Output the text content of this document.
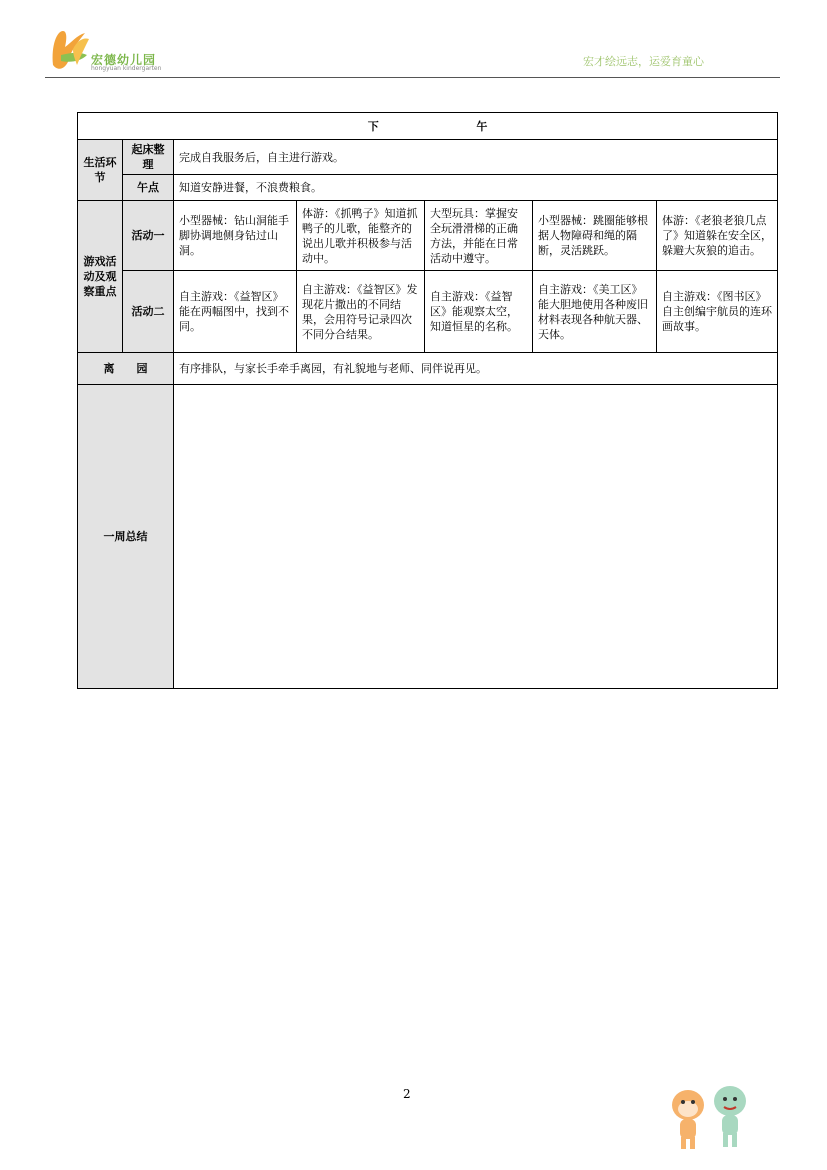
宏德幼儿园
hongyuan kindergarten
宏才绘远志，运爱育童心
下 午						
生活环节	起床整理	完成自我服务后，自主进行游戏。				
	午点	知道安静进餐，不浪费粮食。				
游戏活动及观察重点	活动一	小型器械：钻山洞能手脚协调地侧身钻过山洞。	体游：《抓鸭子》知道抓鸭子的儿歌，能整齐的说出儿歌并积极参与活动中。	大型玩具：掌握安全玩滑滑梯的正确方法，并能在日常活动中遵守。	小型器械：跳圈能够根据人物障碍和绳的隔断，灵活跳跃。	体游：《老狼老狼几点了》知道躲在安全区，躲避大灰狼的追击。
	活动二	自主游戏：《益智区》能在两幅图中，找到不同。	自主游戏：《益智区》发现花片撒出的不同结果，会用符号记录四次不同分合结果。	自主游戏：《益智区》能观察太空，知道恒星的名称。	自主游戏：《美工区》能大胆地使用各种废旧材料表现各种航天器、天体。	自主游戏：《图书区》自主创编宇航员的连环画故事。
离　　园		有序排队，与家长手牵手离园，有礼貌地与老师、同伴说再见。				
一周总结						
2
